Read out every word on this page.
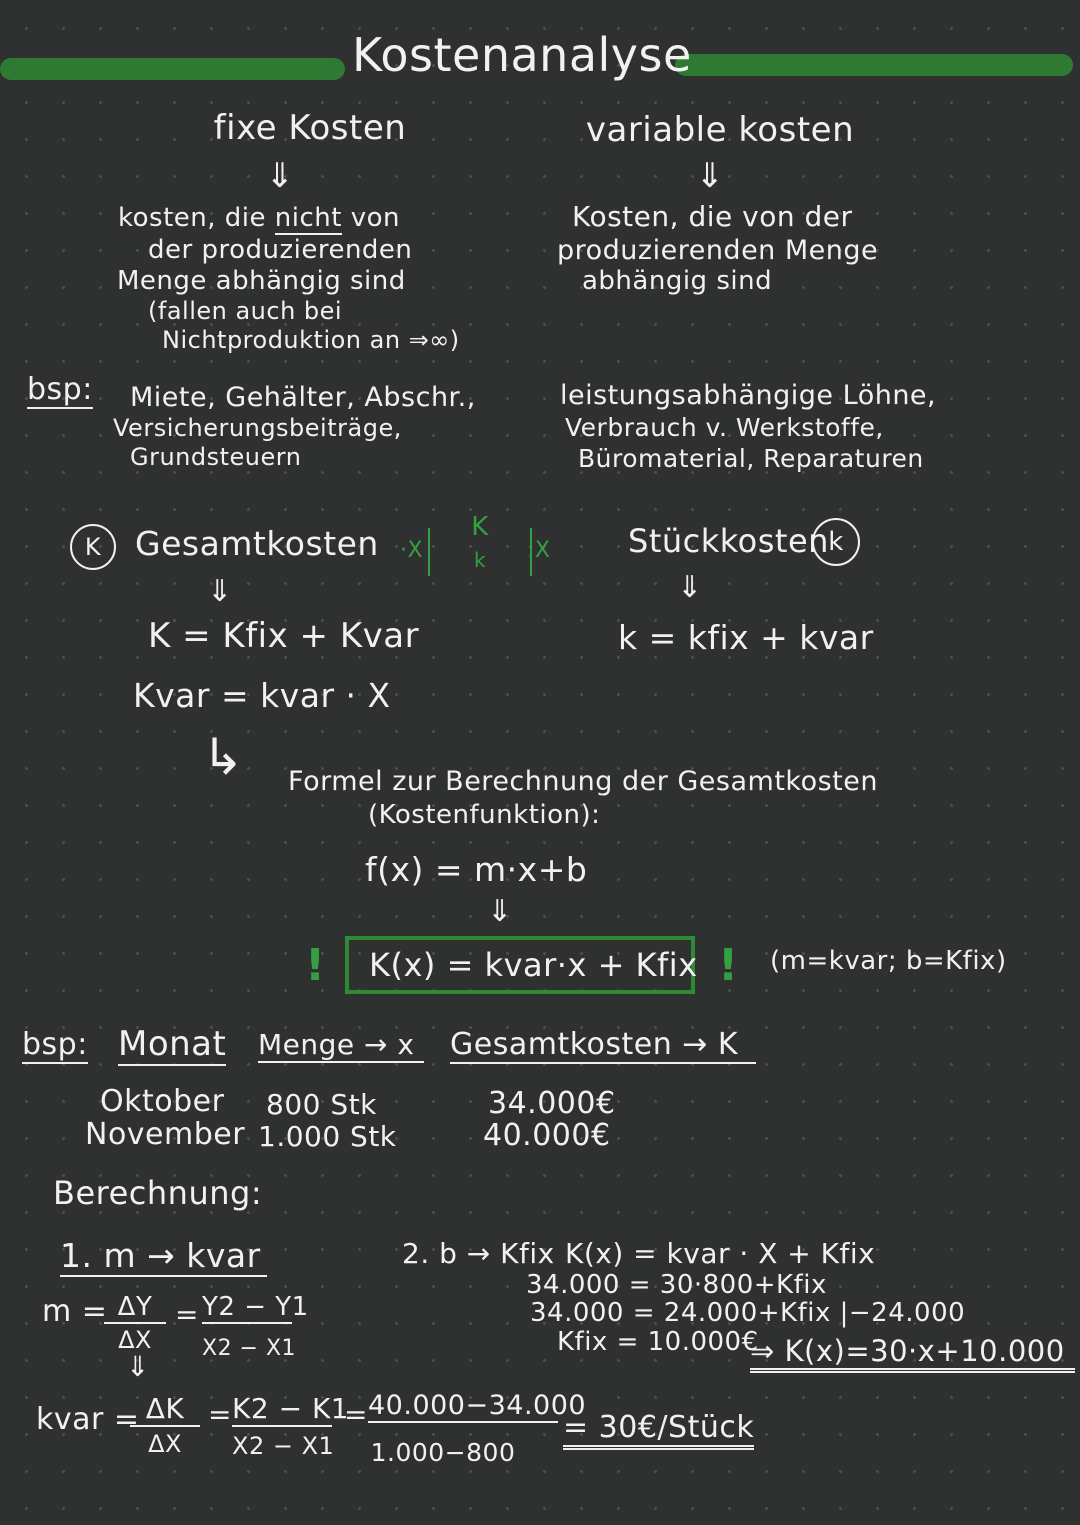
Kostenanalyse
fixe Kosten
⇓
kosten, die nicht von
der produzierenden
Menge abhängig sind
(fallen auch bei
Nichtproduktion an ⇒∞)
bsp: Miete, Gehälter, Abschr.,
Versicherungsbeiträge,
Grundsteuern
variable kosten
⇓
Kosten, die von der
produzierenden Menge
abhängig sind
leistungsabhängige Löhne,
Verbrauch v. Werkstoffe,
Büromaterial, Reparaturen
K	Gesamtkosten
⇓
K = Kfix + Kvar
Kvar = kvar · X
·X
K
k	:X Stückkosten k
⇓
k = kfix + kvar
↳ Formel zur Berechnung der Gesamtkosten
(Kostenfunktion):
f(x) = m·x+b
⇓
!	K(x) = kvar·x + Kfix ! (m=kvar; b=Kfix)
bsp: Monat Menge → x	Gesamtkosten → K
Oktober 800 Stk	34.000€
November 1.000 Stk	40.000€
Berechnung:
1. m → kvar
m = ΔY
ΔX
= Y2 − Y1
X2 − X1
⇓
kvar = ΔK
ΔX
= K2 − K1
X2 − X1
= 40.000−34.000
1.000−800
= 30€/Stück
2. b → Kfix K(x) = kvar · X + Kfix
34.000 = 30·800+Kfix
34.000 = 24.000+Kfix |−24.000
Kfix = 10.000€
⇒ K(x)=30·x+10.000
